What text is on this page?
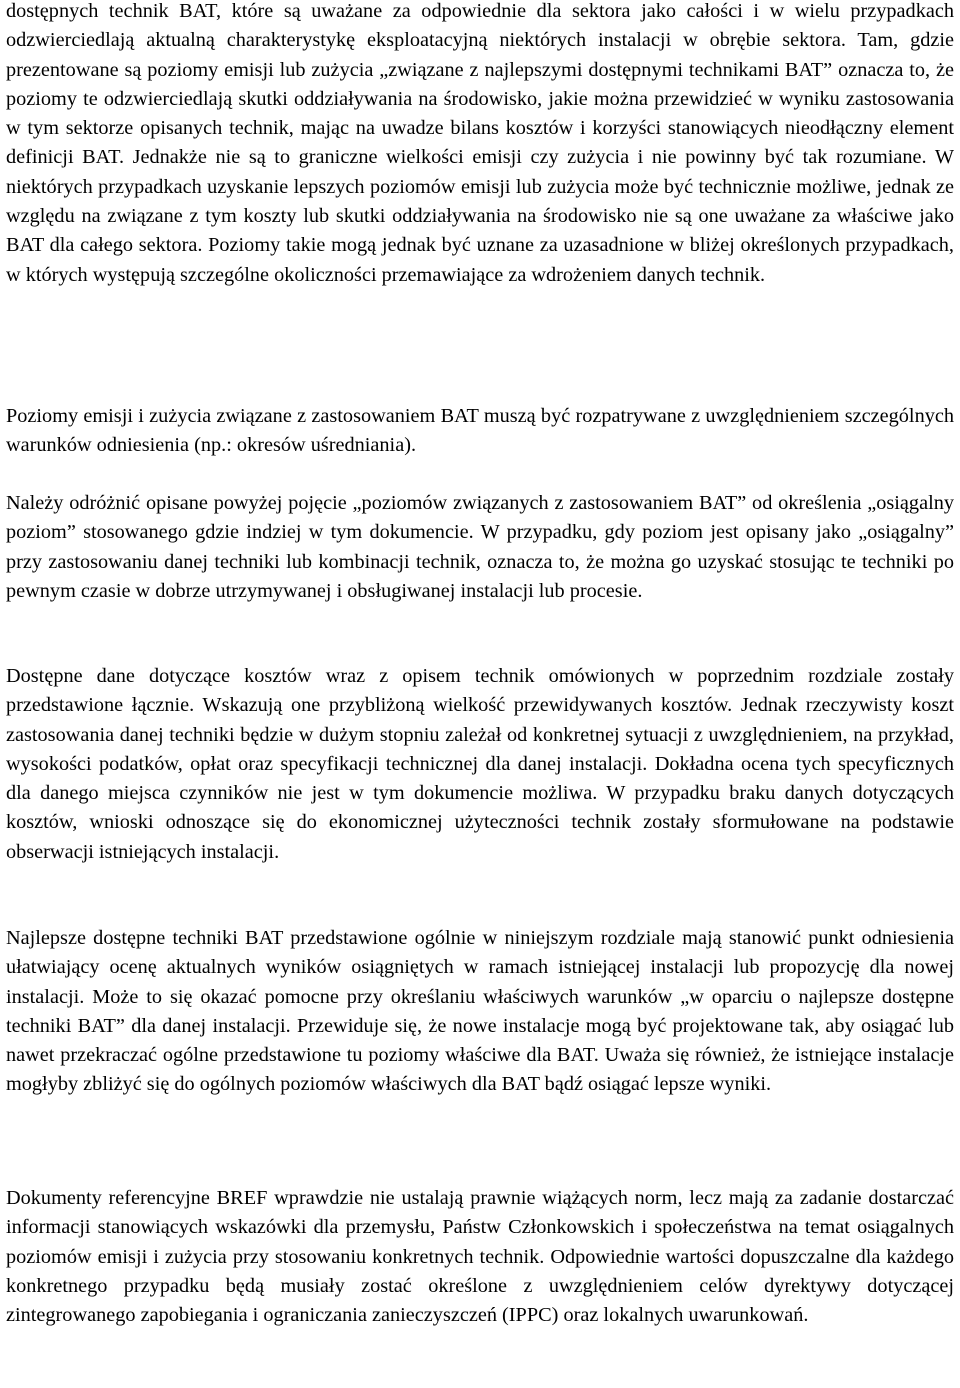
dostępnych technik BAT, które są uważane za odpowiednie dla sektora jako całości i w wielu przypadkach odzwierciedlają aktualną charakterystykę eksploatacyjną niektórych instalacji w obrębie sektora. Tam, gdzie prezentowane są poziomy emisji lub zużycia „związane z najlepszymi dostępnymi technikami BAT” oznacza to, że poziomy te odzwierciedlają skutki oddziaływania na środowisko, jakie można przewidzieć w wyniku zastosowania w tym sektorze opisanych technik, mając na uwadze bilans kosztów i korzyści stanowiących nieodłączny element definicji BAT. Jednakże nie są to graniczne wielkości emisji czy zużycia i nie powinny być tak rozumiane. W niektórych przypadkach uzyskanie lepszych poziomów emisji lub zużycia może być technicznie możliwe, jednak ze względu na związane z tym koszty lub skutki oddziaływania na środowisko nie są one uważane za właściwe jako BAT dla całego sektora. Poziomy takie mogą jednak być uznane za uzasadnione w bliżej określonych przypadkach, w których występują szczególne okoliczności przemawiające za wdrożeniem danych technik.

Poziomy emisji i zużycia związane z zastosowaniem BAT muszą być rozpatrywane z uwzględnieniem szczególnych warunków odniesienia (np.: okresów uśredniania).

Należy odróżnić opisane powyżej pojęcie „poziomów związanych z zastosowaniem BAT” od określenia „osiągalny poziom” stosowanego gdzie indziej w tym dokumencie. W przypadku, gdy poziom jest opisany jako „osiągalny” przy zastosowaniu danej techniki lub kombinacji technik, oznacza to, że można go uzyskać stosując te techniki po pewnym czasie w dobrze utrzymywanej i obsługiwanej instalacji lub procesie.

Dostępne dane dotyczące kosztów wraz z opisem technik omówionych w poprzednim rozdziale zostały przedstawione łącznie. Wskazują one przybliżoną wielkość przewidywanych kosztów. Jednak rzeczywisty koszt zastosowania danej techniki będzie w dużym stopniu zależał od konkretnej sytuacji z uwzględnieniem, na przykład, wysokości podatków, opłat oraz specyfikacji technicznej dla danej instalacji. Dokładna ocena tych specyficznych dla danego miejsca czynników nie jest w tym dokumencie możliwa. W przypadku braku danych dotyczących kosztów, wnioski odnoszące się do ekonomicznej użyteczności technik zostały sformułowane na podstawie obserwacji istniejących instalacji.

Najlepsze dostępne techniki BAT przedstawione ogólnie w niniejszym rozdziale mają stanowić punkt odniesienia ułatwiający ocenę aktualnych wyników osiągniętych w ramach istniejącej instalacji lub propozycję dla nowej instalacji. Może to się okazać pomocne przy określaniu właściwych warunków „w oparciu o najlepsze dostępne techniki BAT” dla danej instalacji. Przewiduje się, że nowe instalacje mogą być projektowane tak, aby osiągać lub nawet przekraczać ogólne przedstawione tu poziomy właściwe dla BAT. Uważa się również, że istniejące instalacje mogłyby zbliżyć się do ogólnych poziomów właściwych dla BAT bądź osiągać lepsze wyniki.

Dokumenty referencyjne BREF wprawdzie nie ustalają prawnie wiążących norm, lecz mają za zadanie dostarczać informacji stanowiących wskazówki dla przemysłu, Państw Członkowskich i społeczeństwa na temat osiągalnych poziomów emisji i zużycia przy stosowaniu konkretnych technik. Odpowiednie wartości dopuszczalne dla każdego konkretnego przypadku będą musiały zostać określone z uwzględnieniem celów dyrektywy dotyczącej zintegrowanego zapobiegania i ograniczania zanieczyszczeń (IPPC) oraz lokalnych uwarunkowań.
